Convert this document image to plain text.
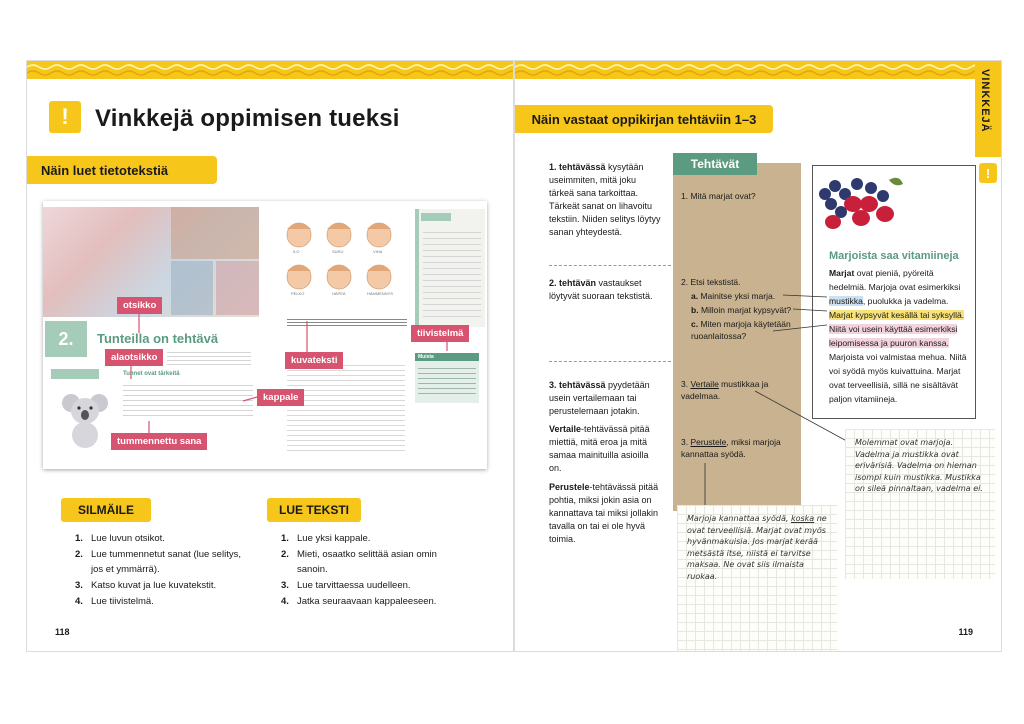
! Vinkkejä oppimisen tueksi
Näin luet tietotekstiä
2.	Tunteilla on tehtävä
Tunnet ovat tärkeitä
ILO	SURU	VIHA
PELKO	HÄPEÄ	HÄMMENNYS
Muista
otsikko
alaotsikko
kappale
tummennettu sana
kuvateksti
tiivistelmä
SILMÄILE
1. Lue luvun otsikot.
2. Lue tummennetut sanat (lue selitys, jos et ymmärrä).
3. Katso kuvat ja lue kuvatekstit.
4. Lue tiivistelmä.
LUE TEKSTI
1. Lue yksi kappale.
2. Mieti, osaatko selittää asian omin sanoin.
3. Lue tarvittaessa uudelleen.
4. Jatka seuraavaan kappaleeseen.
118
VINKKEJÄ
!
Näin vastaat oppikirjan tehtäviin 1–3
1. tehtävässä kysytään useimmiten, mitä joku tärkeä sana tarkoittaa. Tärkeät sanat on lihavoitu tekstiin. Niiden selitys löytyy sanan yhteydestä.
2. tehtävän vastaukset löytyvät suoraan tekstistä.
3. tehtävässä pyydetään usein vertailemaan tai perustelemaan jotakin.
Vertaile-tehtävässä pitää miettiä, mitä eroa ja mitä samaa mainituilla asioilla on.
Perustele-tehtävässä pitää pohtia, miksi jokin asia on kannattava tai miksi jollakin tavalla on tai ei ole hyvä toimia.
Tehtävät
1. Mitä marjat ovat?
2. Etsi tekstistä.
a. Mainitse yksi marja.
b. Milloin marjat kypsyvät?
c. Miten marjoja käytetään ruoanlaitossa?
3. Vertaile mustikkaa ja vadelmaa.
3. Perustele, miksi marjoja kannattaa syödä.
Marjoista saa vitamiineja
Marjat ovat pieniä, pyöreitä hedelmiä. Marjoja ovat esimerkiksi mustikka, puolukka ja vadelma. Marjat kypsyvät kesällä tai syksyllä. Niitä voi usein käyttää esimerkiksi leipomisessa ja puuron kanssa. Marjoista voi valmistaa mehua. Niitä voi syödä myös kuivattuina. Marjat ovat terveellisiä, sillä ne sisältävät paljon vitamiineja.
Molemmat ovat marjoja. Vadelma ja mustikka ovat erivärisiä. Vadelma on hieman isompi kuin mustikka. Mustikka on sileä pinnaltaan, vadelma ei.
Marjoja kannattaa syödä, koska ne ovat terveellisiä. Marjat ovat myös hyvänmakuisia. Jos marjat kerää metsästä itse, niistä ei tarvitse maksaa. Ne ovat siis ilmaista ruokaa.
119
